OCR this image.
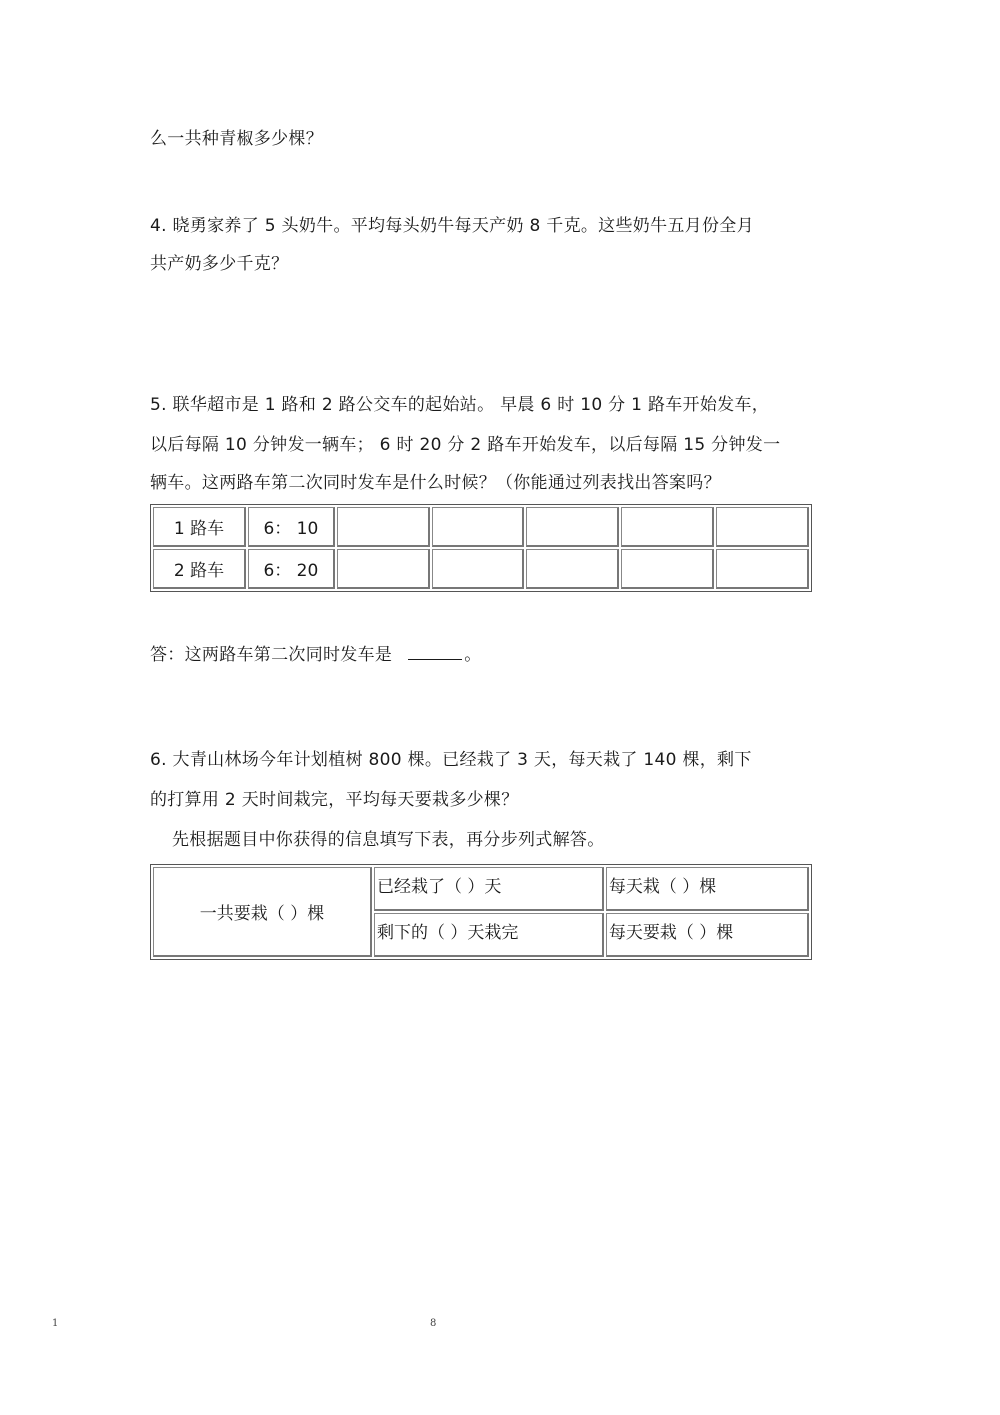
么一共种青椒多少棵？
4. 晓勇家养了 5 头奶牛。平均每头奶牛每天产奶 8 千克。这些奶牛五月份全月
共产奶多少千克？
5. 联华超市是 1 路和 2 路公交车的起始站。 早晨 6 时 10 分 1 路车开始发车，
以后每隔 10 分钟发一辆车； 6 时 20 分 2 路车开始发车，以后每隔 15 分钟发一
辆车。这两路车第二次同时发车是什么时候？（你能通过列表找出答案吗？
1 路车	6： 10					
2 路车	6： 20					
答：这两路车第二次同时发车是	。
6. 大青山林场今年计划植树 800 棵。已经栽了 3 天，每天栽了 140 棵，剩下
的打算用 2 天时间栽完，平均每天要栽多少棵？
先根据题目中你获得的信息填写下表，再分步列式解答。
一共要栽（ ）棵	已经栽了（ ）天	每天栽（ ）棵
	剩下的（ ）天栽完	每天要栽（ ）棵
1	8
